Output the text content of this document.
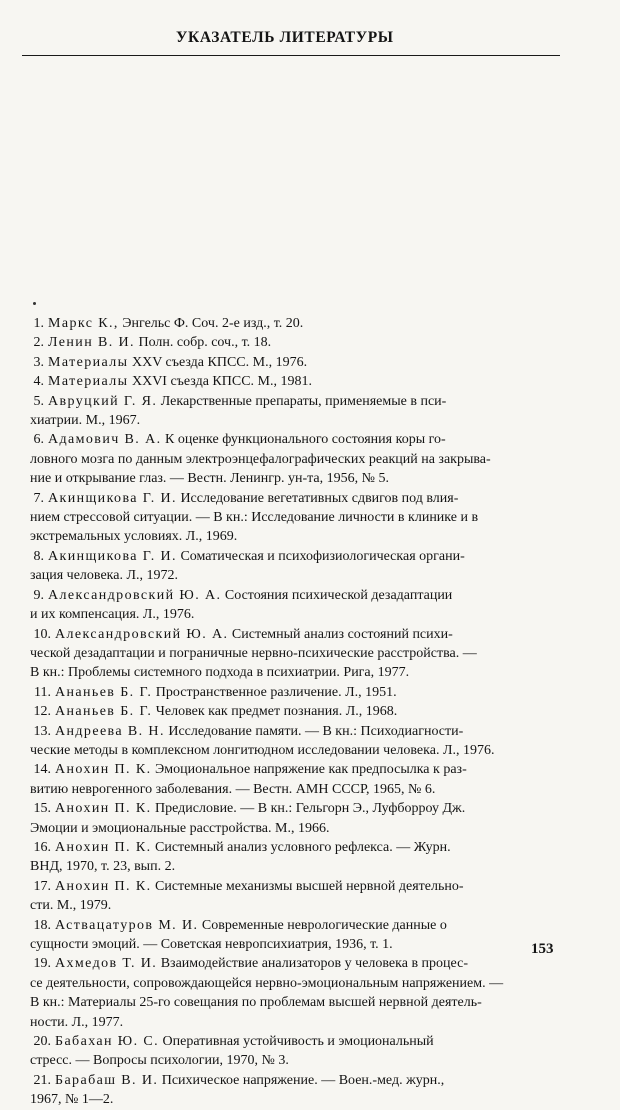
УКАЗАТЕЛЬ ЛИТЕРАТУРЫ
1. Маркс К., Энгельс Ф. Соч. 2-е изд., т. 20.
2. Ленин В. И. Полн. собр. соч., т. 18.
3. Материалы XXV съезда КПСС. М., 1976.
4. Материалы XXVI съезда КПСС. М., 1981.
5. Авруцкий Г. Я. Лекарственные препараты, применяемые в пси-
хиатрии. М., 1967.
6. Адамович В. А. К оценке функционального состояния коры го-
ловного мозга по данным электроэнцефалографических реакций на закрыва-
ние и открывание глаз. — Вестн. Ленингр. ун-та, 1956, № 5.
7. Акинщикова Г. И. Исследование вегетативных сдвигов под влия-
нием стрессовой ситуации. — В кн.: Исследование личности в клинике и в
экстремальных условиях. Л., 1969.
8. Акинщикова Г. И. Соматическая и психофизиологическая органи-
зация человека. Л., 1972.
9. Александровский Ю. А. Состояния психической дезадаптации
и их компенсация. Л., 1976.
10. Александровский Ю. А. Системный анализ состояний психи-
ческой дезадаптации и пограничные нервно-психические расстройства. —
В кн.: Проблемы системного подхода в психиатрии. Рига, 1977.
11. Ананьев Б. Г. Пространственное различение. Л., 1951.
12. Ананьев Б. Г. Человек как предмет познания. Л., 1968.
13. Андреева В. Н. Исследование памяти. — В кн.: Психодиагности-
ческие методы в комплексном лонгитюдном исследовании человека. Л., 1976.
14. Анохин П. К. Эмоциональное напряжение как предпосылка к раз-
витию неврогенного заболевания. — Вестн. АМН СССР, 1965, № 6.
15. Анохин П. К. Предисловие. — В кн.: Гельгорн Э., Луфборроу Дж.
Эмоции и эмоциональные расстройства. М., 1966.
16. Анохин П. К. Системный анализ условного рефлекса. — Журн.
ВНД, 1970, т. 23, вып. 2.
17. Анохин П. К. Системные механизмы высшей нервной деятельно-
сти. М., 1979.
18. Аствацатуров М. И. Современные неврологические данные о
сущности эмоций. — Советская невропсихиатрия, 1936, т. 1.
19. Ахмедов Т. И. Взаимодействие анализаторов у человека в процес-
се деятельности, сопровождающейся нервно-эмоциональным напряжением. —
В кн.: Материалы 25-го совещания по проблемам высшей нервной деятель-
ности. Л., 1977.
20. Бабахан Ю. С. Оперативная устойчивость и эмоциональный
стресс. — Вопросы психологии, 1970, № 3.
21. Барабаш В. И. Психическое напряжение. — Воен.-мед. журн.,
1967, № 1—2.
153
